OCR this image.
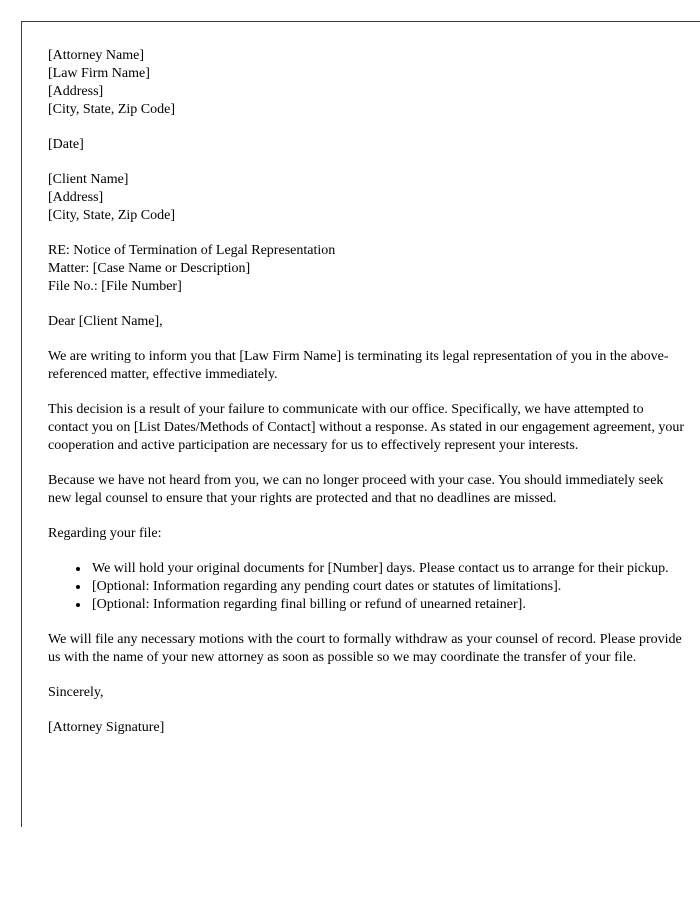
[Attorney Name]
[Law Firm Name]
[Address]
[City, State, Zip Code]
[Date]
[Client Name]
[Address]
[City, State, Zip Code]
RE: Notice of Termination of Legal Representation
Matter: [Case Name or Description]
File No.: [File Number]

Dear [Client Name],

We are writing to inform you that [Law Firm Name] is terminating its legal representation of you in the above-referenced matter, effective immediately.

This decision is a result of your failure to communicate with our office. Specifically, we have attempted to contact you on [List Dates/Methods of Contact] without a response. As stated in our engagement agreement, your cooperation and active participation are necessary for us to effectively represent your interests.

Because we have not heard from you, we can no longer proceed with your case. You should immediately seek new legal counsel to ensure that your rights are protected and that no deadlines are missed.

Regarding your file:

• We will hold your original documents for [Number] days. Please contact us to arrange for their pickup.
• [Optional: Information regarding any pending court dates or statutes of limitations].
• [Optional: Information regarding final billing or refund of unearned retainer].

We will file any necessary motions with the court to formally withdraw as your counsel of record. Please provide us with the name of your new attorney as soon as possible so we may coordinate the transfer of your file.

Sincerely,

[Attorney Signature]
